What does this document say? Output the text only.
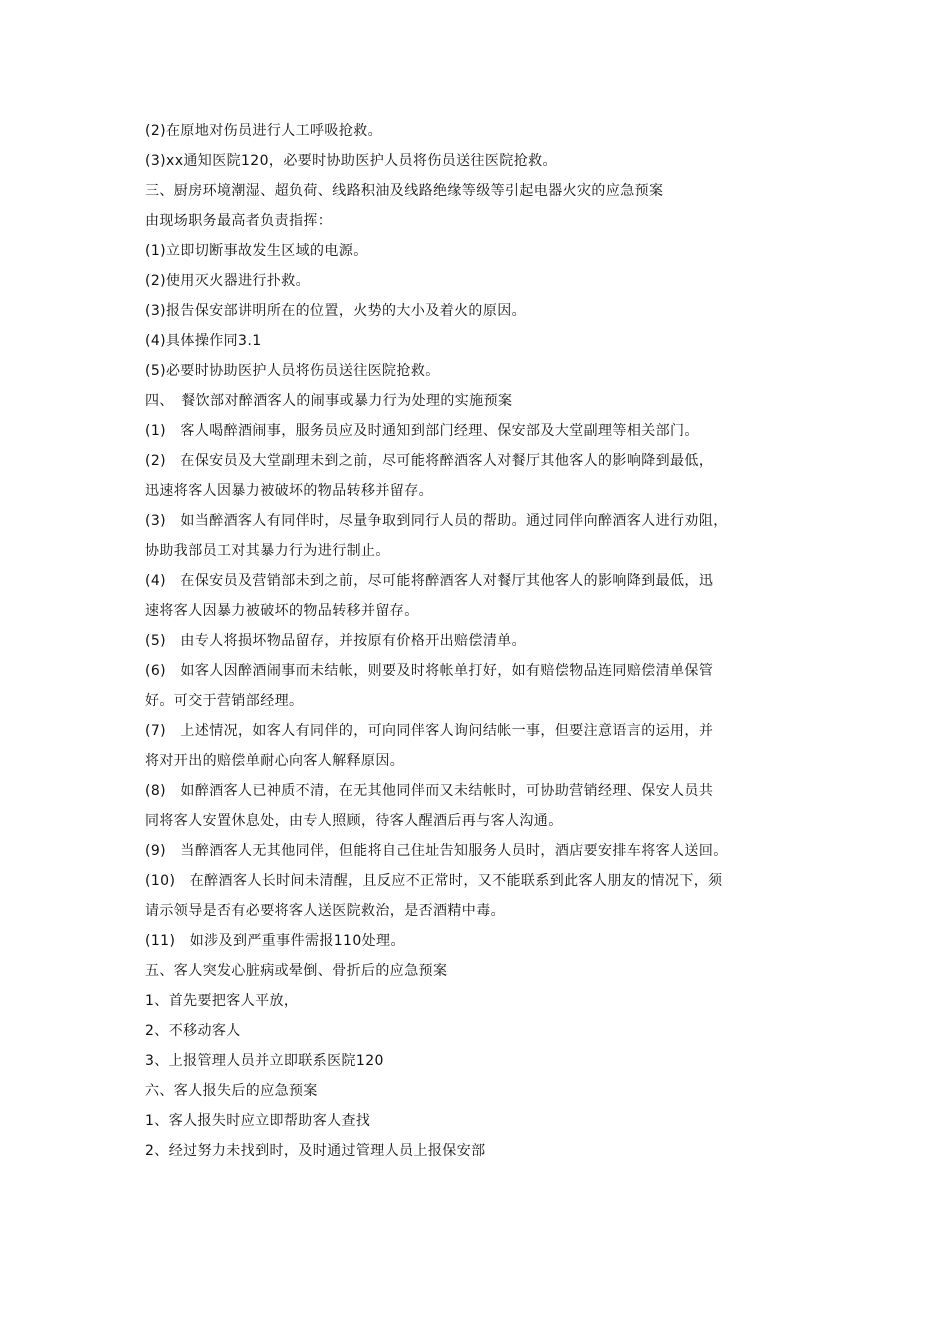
(2)在原地对伤员进行人工呼吸抢救。
(3)xx通知医院120，必要时协助医护人员将伤员送往医院抢救。
三、厨房环境潮湿、超负荷、线路积油及线路绝缘等级等引起电器火灾的应急预案
由现场职务最高者负责指挥：
(1)立即切断事故发生区域的电源。
(2)使用灭火器进行扑救。
(3)报告保安部讲明所在的位置，火势的大小及着火的原因。
(4)具体操作同3.1
(5)必要时协助医护人员将伤员送往医院抢救。
四、　餐饮部对醉酒客人的闹事或暴力行为处理的实施预案
(1)　客人喝醉酒闹事，服务员应及时通知到部门经理、保安部及大堂副理等相关部门。
(2)　在保安员及大堂副理未到之前，尽可能将醉酒客人对餐厅其他客人的影响降到最低，
迅速将客人因暴力被破坏的物品转移并留存。
(3)　如当醉酒客人有同伴时，尽量争取到同行人员的帮助。通过同伴向醉酒客人进行劝阻，
协助我部员工对其暴力行为进行制止。
(4)　在保安员及营销部未到之前，尽可能将醉酒客人对餐厅其他客人的影响降到最低，迅
速将客人因暴力被破坏的物品转移并留存。
(5)　由专人将损坏物品留存，并按原有价格开出赔偿清单。
(6)　如客人因醉酒闹事而未结帐，则要及时将帐单打好，如有赔偿物品连同赔偿清单保管
好。可交于营销部经理。
(7)　上述情况，如客人有同伴的，可向同伴客人询问结帐一事，但要注意语言的运用，并
将对开出的赔偿单耐心向客人解释原因。
(8)　如醉酒客人已神质不清，在无其他同伴而又未结帐时，可协助营销经理、保安人员共
同将客人安置休息处，由专人照顾，待客人醒酒后再与客人沟通。
(9)　当醉酒客人无其他同伴，但能将自己住址告知服务人员时，酒店要安排车将客人送回。
(10)　在醉酒客人长时间未清醒，且反应不正常时，又不能联系到此客人朋友的情况下，须
请示领导是否有必要将客人送医院救治，是否酒精中毒。
(11)　如涉及到严重事件需报110处理。
五、客人突发心脏病或晕倒、骨折后的应急预案
1、首先要把客人平放，
2、不移动客人
3、上报管理人员并立即联系医院120
六、客人报失后的应急预案
1、客人报失时应立即帮助客人查找
2、经过努力未找到时，及时通过管理人员上报保安部
